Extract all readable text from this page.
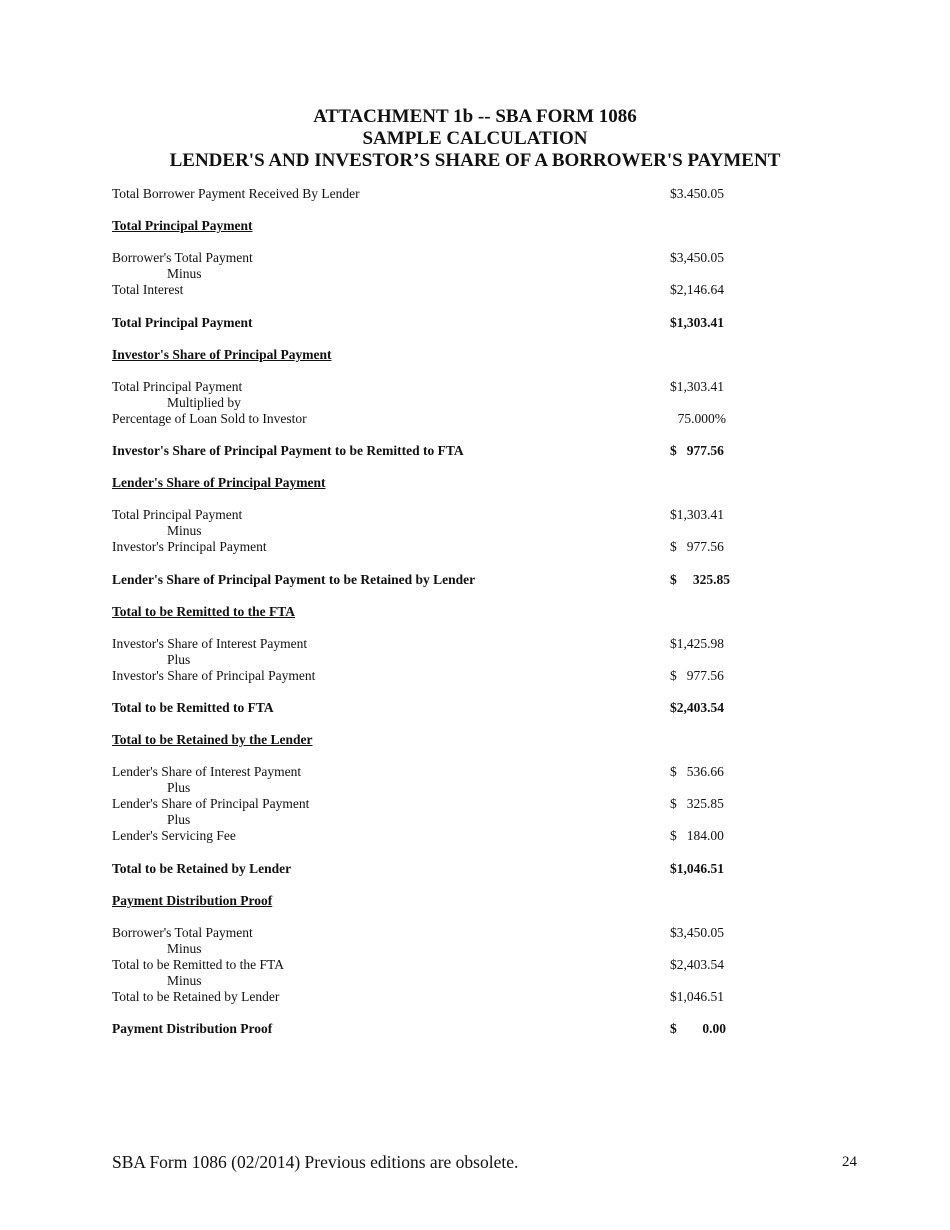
ATTACHMENT 1b -- SBA FORM 1086
SAMPLE CALCULATION
LENDER'S AND INVESTOR’S SHARE OF A BORROWER'S PAYMENT
Total Borrower Payment Received By Lender	$3.450.05
Total Principal Payment
Borrower's Total Payment	$3,450.05
Minus
Total Interest	$2,146.64
Total Principal Payment	$1,303.41
Investor's Share of Principal Payment
Total Principal Payment	$1,303.41
Multiplied by
Percentage of Loan Sold to Investor	75.000%
Investor's Share of Principal Payment to be Remitted to FTA	$ 977.56
Lender's Share of Principal Payment
Total Principal Payment	$1,303.41
Minus
Investor's Principal Payment	$ 977.56
Lender's Share of Principal Payment to be Retained by Lender	$ 325.85
Total to be Remitted to the FTA
Investor's Share of Interest Payment	$1,425.98
Plus
Investor's Share of Principal Payment	$ 977.56
Total to be Remitted to FTA	$2,403.54
Total to be Retained by the Lender
Lender's Share of Interest Payment	$ 536.66
Plus
Lender's Share of Principal Payment	$ 325.85
Plus
Lender's Servicing Fee	$ 184.00
Total to be Retained by Lender	$1,046.51
Payment Distribution Proof
Borrower's Total Payment	$3,450.05
Minus
Total to be Remitted to the FTA	$2,403.54
Minus
Total to be Retained by Lender	$1,046.51
Payment Distribution Proof	$ 0.00
SBA Form 1086 (02/2014) Previous editions are obsolete.	24
